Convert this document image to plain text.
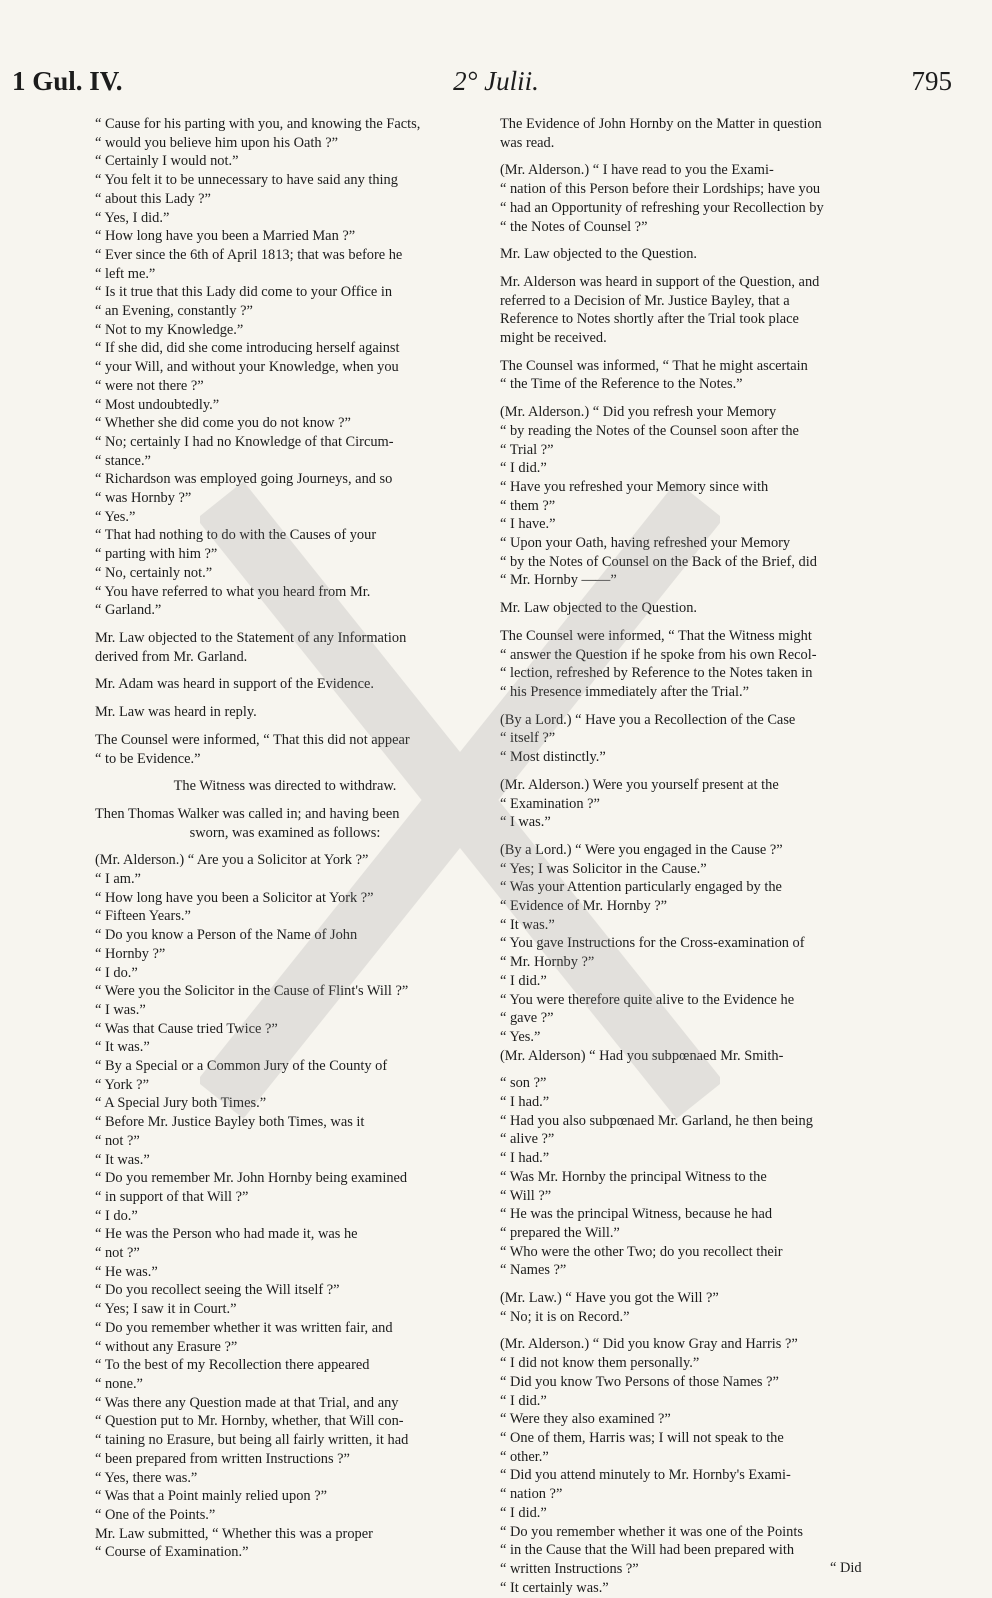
1 Gul. IV.	2° Julii.	795

“ Cause for his parting with you, and knowing the Facts,

“ would you believe him upon his Oath ?”

“ Certainly I would not.”

“ You felt it to be unnecessary to have said any thing

“ about this Lady ?”

“ Yes, I did.”

“ How long have you been a Married Man ?”

“ Ever since the 6th of April 1813; that was before he

“ left me.”

“ Is it true that this Lady did come to your Office in

“ an Evening, constantly ?”

“ Not to my Knowledge.”

“ If she did, did she come introducing herself against

“ your Will, and without your Knowledge, when you

“ were not there ?”

“ Most undoubtedly.”

“ Whether she did come you do not know ?”

“ No; certainly I had no Knowledge of that Circum-

“ stance.”

“ Richardson was employed going Journeys, and so

“ was Hornby ?”

“ Yes.”

“ That had nothing to do with the Causes of your

“ parting with him ?”

“ No, certainly not.”

“ You have referred to what you heard from Mr.

“ Garland.”

Mr. Law objected to the Statement of any Information

derived from Mr. Garland.

Mr. Adam was heard in support of the Evidence.

Mr. Law was heard in reply.

The Counsel were informed, “ That this did not appear

“ to be Evidence.”

The Witness was directed to withdraw.

Then Thomas Walker was called in; and having been

sworn, was examined as follows:

(Mr. Alderson.) “ Are you a Solicitor at York ?”

“ I am.”

“ How long have you been a Solicitor at York ?”

“ Fifteen Years.”

“ Do you know a Person of the Name of John

“ Hornby ?”

“ I do.”

“ Were you the Solicitor in the Cause of Flint's Will ?”

“ I was.”

“ Was that Cause tried Twice ?”

“ It was.”

“ By a Special or a Common Jury of the County of

“ York ?”

“ A Special Jury both Times.”

“ Before Mr. Justice Bayley both Times, was it

“ not ?”

“ It was.”

“ Do you remember Mr. John Hornby being examined

“ in support of that Will ?”

“ I do.”

“ He was the Person who had made it, was he

“ not ?”

“ He was.”

“ Do you recollect seeing the Will itself ?”

“ Yes; I saw it in Court.”

“ Do you remember whether it was written fair, and

“ without any Erasure ?”

“ To the best of my Recollection there appeared

“ none.”

“ Was there any Question made at that Trial, and any

“ Question put to Mr. Hornby, whether, that Will con-

“ taining no Erasure, but being all fairly written, it had

“ been prepared from written Instructions ?”

“ Yes, there was.”

“ Was that a Point mainly relied upon ?”

“ One of the Points.”

Mr. Law submitted, “ Whether this was a proper

“ Course of Examination.”

The Evidence of John Hornby on the Matter in question

was read.

(Mr. Alderson.) “ I have read to you the Exami-

“ nation of this Person before their Lordships; have you

“ had an Opportunity of refreshing your Recollection by

“ the Notes of Counsel ?”

Mr. Law objected to the Question.

Mr. Alderson was heard in support of the Question, and

referred to a Decision of Mr. Justice Bayley, that a

Reference to Notes shortly after the Trial took place

might be received.

The Counsel was informed, “ That he might ascertain

“ the Time of the Reference to the Notes.”

(Mr. Alderson.) “ Did you refresh your Memory

“ by reading the Notes of the Counsel soon after the

“ Trial ?”

“ I did.”

“ Have you refreshed your Memory since with

“ them ?”

“ I have.”

“ Upon your Oath, having refreshed your Memory

“ by the Notes of Counsel on the Back of the Brief, did

“ Mr. Hornby ——”

Mr. Law objected to the Question.

The Counsel were informed, “ That the Witness might

“ answer the Question if he spoke from his own Recol-

“ lection, refreshed by Reference to the Notes taken in

“ his Presence immediately after the Trial.”

(By a Lord.) “ Have you a Recollection of the Case

“ itself ?”

“ Most distinctly.”

(Mr. Alderson.) Were you yourself present at the

“ Examination ?”

“ I was.”

(By a Lord.) “ Were you engaged in the Cause ?”

“ Yes; I was Solicitor in the Cause.”

“ Was your Attention particularly engaged by the

“ Evidence of Mr. Hornby ?”

“ It was.”

“ You gave Instructions for the Cross-examination of

“ Mr. Hornby ?”

“ I did.”

“ You were therefore quite alive to the Evidence he

“ gave ?”

“ Yes.”

(Mr. Alderson) “ Had you subpœnaed Mr. Smith-

“ son ?”

“ I had.”

“ Had you also subpœnaed Mr. Garland, he then being

“ alive ?”

“ I had.”

“ Was Mr. Hornby the principal Witness to the

“ Will ?”

“ He was the principal Witness, because he had

“ prepared the Will.”

“ Who were the other Two; do you recollect their

“ Names ?”

(Mr. Law.) “ Have you got the Will ?”

“ No; it is on Record.”

(Mr. Alderson.) “ Did you know Gray and Harris ?”

“ I did not know them personally.”

“ Did you know Two Persons of those Names ?”

“ I did.”

“ Were they also examined ?”

“ One of them, Harris was; I will not speak to the

“ other.”

“ Did you attend minutely to Mr. Hornby's Exami-

“ nation ?”

“ I did.”

“ Do you remember whether it was one of the Points

“ in the Cause that the Will had been prepared with

“ written Instructions ?”

“ It certainly was.”

“ Did
